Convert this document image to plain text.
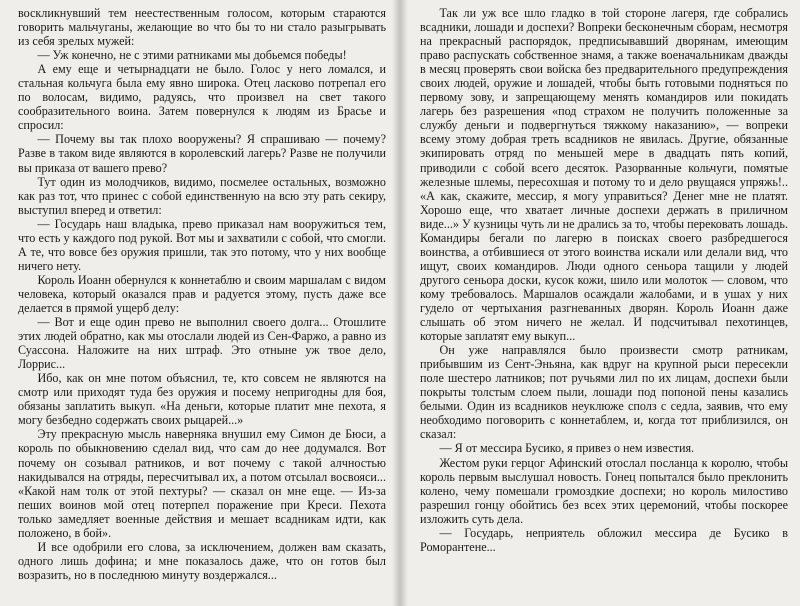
воскликнувший тем неестественным голосом, которым стараются говорить мальчуганы, желающие во что бы то ни стало разыгрывать из себя зрелых мужей:

— Уж конечно, не с этими ратниками мы добьемся победы!

А ему еще и четырнадцати не было. Голос у него ломался, и стальная кольчуга была ему явно широка. Отец ласково потрепал его по волосам, видимо, радуясь, что произвел на свет такого сообразительного воина. Затем повернулся к людям из Брасье и спросил:

— Почему вы так плохо вооружены? Я спрашиваю — почему? Разве в таком виде являются в королевский лагерь? Разве не получили вы приказа от вашего прево?

Тут один из молодчиков, видимо, посмелее остальных, возможно как раз тот, что принес с собой единственную на всю эту рать секиру, выступил вперед и ответил:

— Государь наш владыка, прево приказал нам вооружиться тем, что есть у каждого под рукой. Вот мы и захватили с собой, что смогли. А те, что вовсе без оружия пришли, так это потому, что у них вообще ничего нету.

Король Иоанн обернулся к коннетаблю и своим маршалам с видом человека, который оказался прав и радуется этому, пусть даже все делается в прямой ущерб делу:

— Вот и еще один прево не выполнил своего долга... Отошлите этих людей обратно, как мы отослали людей из Сен-Фаржо, а равно из Суассона. Наложите на них штраф. Это отныне уж твое дело, Лоррис...

Ибо, как он мне потом объяснил, те, кто совсем не являются на смотр или приходят туда без оружия и посему непригодны для боя, обязаны заплатить выкуп. «На деньги, которые платит мне пехота, я могу безбедно содержать своих рыцарей...»

Эту прекрасную мысль наверняка внушил ему Симон де Бюси, а король по обыкновению сделал вид, что сам до нее додумался. Вот почему он созывал ратников, и вот почему с такой алчностью накидывался на отряды, пересчитывал их, а потом отсылал восвояси... «Какой нам толк от этой пехтуры? — сказал он мне еще. — Из-за пеших воинов мой отец потерпел поражение при Креси. Пехота только замедляет военные действия и мешает всадникам идти, как положено, в бой».

И все одобрили его слова, за исключением, должен вам сказать, одного лишь дофина; и мне показалось даже, что он готов был возразить, но в последнюю минуту воздержался...

Так ли уж все шло гладко в той стороне лагеря, где собрались всадники, лошади и доспехи? Вопреки бесконечным сборам, несмотря на прекрасный распорядок, предписывавший дворянам, имеющим право распускать собственное знамя, а также военачальникам дважды в месяц проверять свои войска без предварительного предупреждения своих людей, оружие и лошадей, чтобы быть готовыми подняться по первому зову, и запрещающему менять командиров или покидать лагерь без разрешения «под страхом не получить положенные за службу деньги и подвергнуться тяжкому наказанию», — вопреки всему этому добрая треть всадников не явилась. Другие, обязанные экипировать отряд по меньшей мере в двадцать пять копий, приводили с собой всего десяток. Разорванные кольчуги, помятые железные шлемы, пересохшая и потому то и дело рвущаяся упряжь!.. «А как, скажите, мессир, я могу управиться? Денег мне не платят. Хорошо еще, что хватает личные доспехи держать в приличном виде...» У кузницы чуть ли не дрались за то, чтобы перековать лошадь. Командиры бегали по лагерю в поисках своего разбредшегося воинства, а отбившиеся от этого воинства искали или делали вид, что ищут, своих командиров. Люди одного сеньора тащили у людей другого сеньора доски, кусок кожи, шило или молоток — словом, что кому требовалось. Маршалов осаждали жалобами, и в ушах у них гудело от чертыхания разгневанных дворян. Король Иоанн даже слышать об этом ничего не желал. И подсчитывал пехотинцев, которые заплатят ему выкуп...

Он уже направлялся было произвести смотр ратникам, прибывшим из Сент-Эньяна, как вдруг на крупной рыси пересекли поле шестеро латников; пот ручьями лил по их лицам, доспехи были покрыты толстым слоем пыли, лошади под попоной пены казались белыми. Один из всадников неуклюже сполз с седла, заявив, что ему необходимо поговорить с коннетаблем, и, когда тот приблизился, он сказал:

— Я от мессира Бусико, я привез о нем известия.

Жестом руки герцог Афинский отослал посланца к королю, чтобы король первым выслушал новость. Гонец попытался было преклонить колено, чему помешали громоздкие доспехи; но король милостиво разрешил гонцу обойтись без всех этих церемоний, чтобы поскорее изложить суть дела.

— Государь, неприятель обложил мессира де Бусико в Роморантене...
